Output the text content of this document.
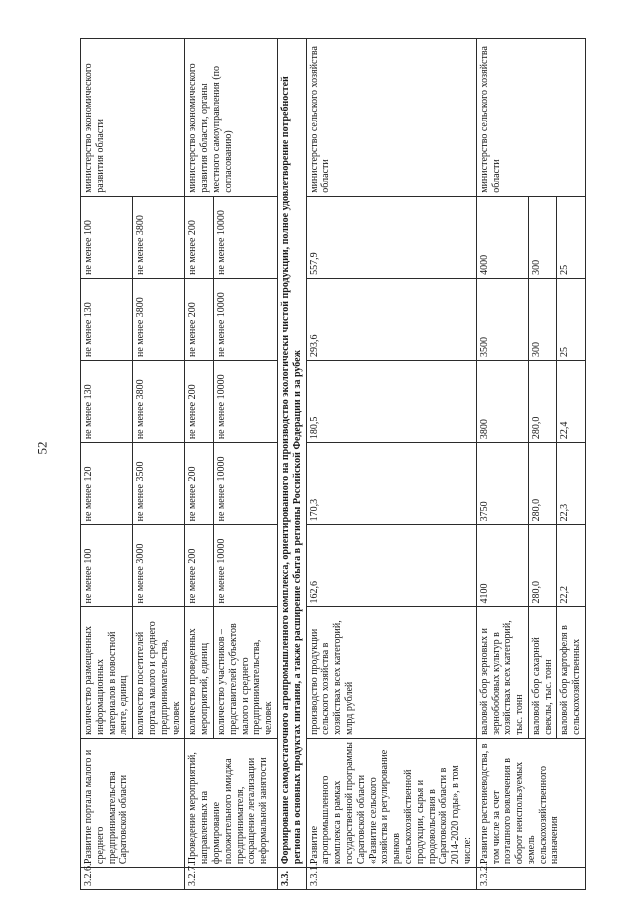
52
3.2.6.	Развитие портала малого и среднего предпринимательства Саратовской области	количество размещенных информационных материалов в новостной ленте, единиц	не менее 100	не менее 120	не менее 130	не менее 130	не менее 100	министерство экономического развития области
		количество посетителей портала малого и среднего предпринимательства, человек	не менее 3000	не менее 3500	не менее 3800	не менее 3800	не менее 3800	
3.2.7.	Проведение мероприятий, направленных на формирование положительного имиджа предпринимателя, сокращение легализации неформальной занятости	количество проведенных мероприятий, единиц	не менее 200	не менее 200	не менее 200	не менее 200	не менее 200	министерство экономического развития области, органы местного самоуправления (по согласованию)
		количество участников – представителей субъектов малого и среднего предпринимательства, человек	не менее 10000	не менее 10000	не менее 10000	не менее 10000	не менее 10000	
3.3.	Формирование самодостаточного агропромышленного комплекса, ориентированного на производство экологически чистой продукции, полное удовлетворение потребностей региона в основных продуктах питания, а также расширение сбыта в регионы Российской Федерации и за рубеж							
3.3.1.	Развитие агропромышленного комплекса в рамках государственной программы Саратовской области «Развитие сельского хозяйства и регулирование рынков сельскохозяйственной продукции, сырья и продовольствия в Саратовской области в 2014-2020 годы», в том числе:	производство продукции сельского хозяйства в хозяйствах всех категорий, млрд рублей	162,6	170,3	180,5	293,6	557,9	министерство сельского хозяйства области
3.3.2.	Развитие растениеводства, в том числе за счет поэтапного вовлечения в оборот неиспользуемых земель сельскохозяйственного назначения	валовой сбор зерновых и зернобобовых культур в хозяйствах всех категорий, тыс. тонн	4100	3750	3800	3500	4000	министерство сельского хозяйства области
		валовой сбор сахарной свеклы, тыс. тонн	280,0	280,0	280,0	300	300	
		валовой сбор картофеля в сельскохозяйственных	22,2	22,3	22,4	25	25	
